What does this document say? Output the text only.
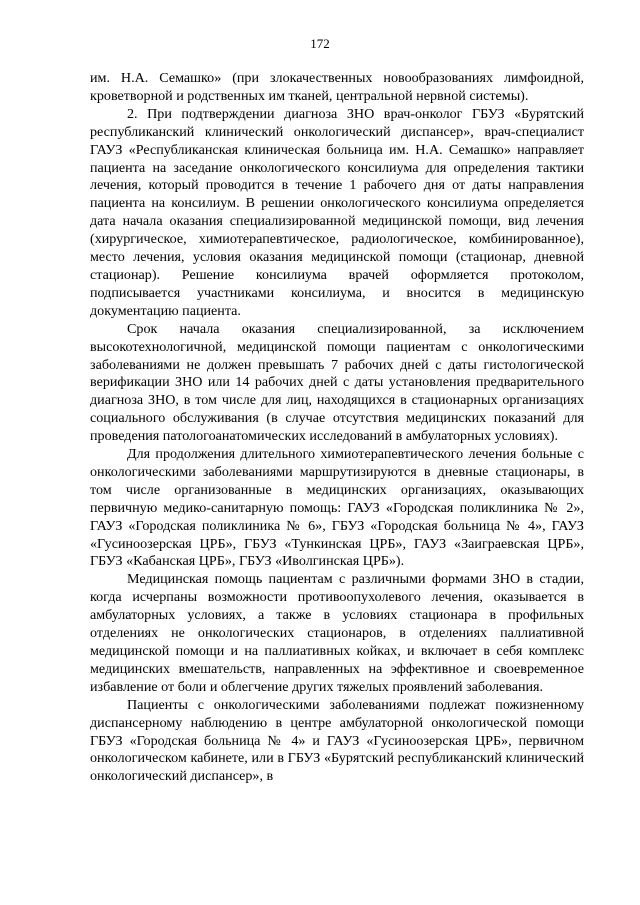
172

им. Н.А. Семашко» (при злокачественных новообразованиях лимфоидной, кроветворной и родственных им тканей, центральной нервной системы).

2. При подтверждении диагноза ЗНО врач-онколог ГБУЗ «Бурятский республиканский клинический онкологический диспансер», врач-специалист ГАУЗ «Республиканская клиническая больница им. Н.А. Семашко» направляет пациента на заседание онкологического консилиума для определения тактики лечения, который проводится в течение 1 рабочего дня от даты направления пациента на консилиум. В решении онкологического консилиума определяется дата начала оказания специализированной медицинской помощи, вид лечения (хирургическое, химиотерапевтическое, радиологическое, комбинированное), место лечения, условия оказания медицинской помощи (стационар, дневной стационар). Решение консилиума врачей оформляется протоколом, подписывается участниками консилиума, и вносится в медицинскую документацию пациента.

Срок начала оказания специализированной, за исключением высокотехнологичной, медицинской помощи пациентам с онкологическими заболеваниями не должен превышать 7 рабочих дней с даты гистологической верификации ЗНО или 14 рабочих дней с даты установления предварительного диагноза ЗНО, в том числе для лиц, находящихся в стационарных организациях социального обслуживания (в случае отсутствия медицинских показаний для проведения патологоанатомических исследований в амбулаторных условиях).

Для продолжения длительного химиотерапевтического лечения больные с онкологическими заболеваниями маршрутизируются в дневные стационары, в том числе организованные в медицинских организациях, оказывающих первичную медико-санитарную помощь: ГАУЗ «Городская поликлиника № 2», ГАУЗ «Городская поликлиника № 6», ГБУЗ «Городская больница № 4», ГАУЗ «Гусиноозерская ЦРБ», ГБУЗ «Тункинская ЦРБ», ГАУЗ «Заиграевская ЦРБ», ГБУЗ «Кабанская ЦРБ», ГБУЗ «Иволгинская ЦРБ»).

Медицинская помощь пациентам с различными формами ЗНО в стадии, когда исчерпаны возможности противоопухолевого лечения, оказывается в амбулаторных условиях, а также в условиях стационара в профильных отделениях не онкологических стационаров, в отделениях паллиативной медицинской помощи и на паллиативных койках, и включает в себя комплекс медицинских вмешательств, направленных на эффективное и своевременное избавление от боли и облегчение других тяжелых проявлений заболевания.

Пациенты с онкологическими заболеваниями подлежат пожизненному диспансерному наблюдению в центре амбулаторной онкологической помощи ГБУЗ «Городская больница № 4» и ГАУЗ «Гусиноозерская ЦРБ», первичном онкологическом кабинете, или в ГБУЗ «Бурятский республиканский клинический онкологический диспансер», в
